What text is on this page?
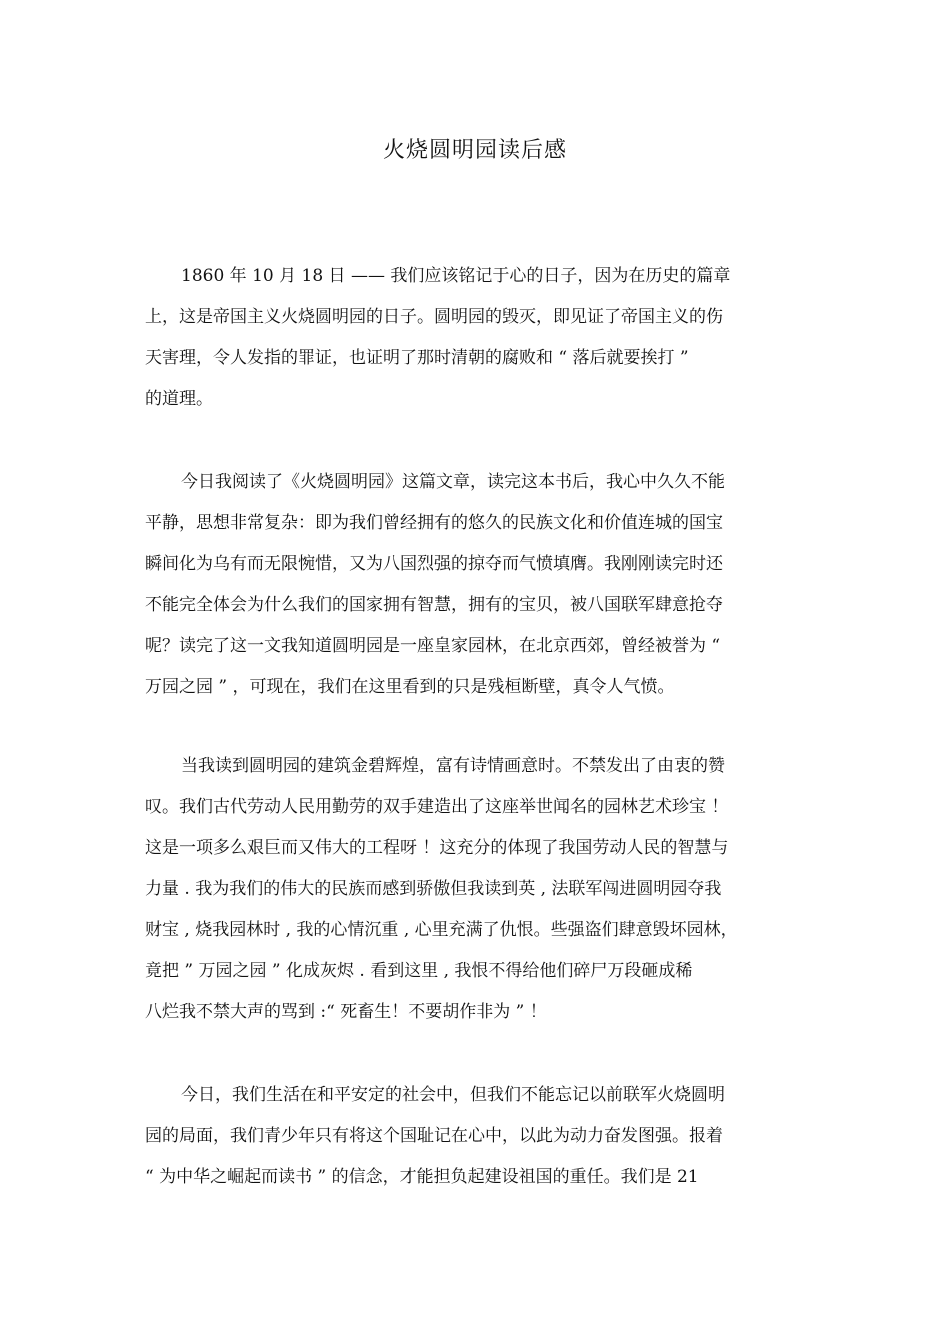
火烧圆明园读后感
1860 年 10 月 18 日 —— 我们应该铭记于心的日子，因为在历史的篇章
上，这是帝国主义火烧圆明园的日子。圆明园的毁灭，即见证了帝国主义的伤
天害理，令人发指的罪证，也证明了那时清朝的腐败和 “ 落后就要挨打 ”
的道理。
今日我阅读了《火烧圆明园》这篇文章，读完这本书后，我心中久久不能
平静，思想非常复杂：即为我们曾经拥有的悠久的民族文化和价值连城的国宝
瞬间化为乌有而无限惋惜，又为八国烈强的掠夺而气愤填膺。我刚刚读完时还
不能完全体会为什么我们的国家拥有智慧，拥有的宝贝，被八国联军肆意抢夺
呢？读完了这一文我知道圆明园是一座皇家园林，在北京西郊，曾经被誉为 “
万园之园 ” ，可现在，我们在这里看到的只是残桓断壁，真令人气愤。
当我读到圆明园的建筑金碧辉煌，富有诗情画意时。不禁发出了由衷的赞
叹。我们古代劳动人民用勤劳的双手建造出了这座举世闻名的园林艺术珍宝 ！
这是一项多么艰巨而又伟大的工程呀 ！这充分的体现了我国劳动人民的智慧与
力量 . 我为我们的伟大的民族而感到骄傲但我读到英 , 法联军闯进圆明园夺我
财宝 , 烧我园林时 , 我的心情沉重 , 心里充满了仇恨。些强盗们肆意毁坏园林，
竟把 ” 万园之园 ” 化成灰烬 . 看到这里 , 我恨不得给他们碎尸万段砸成稀
八烂我不禁大声的骂到 :“ 死畜生！不要胡作非为 ” ！
今日，我们生活在和平安定的社会中，但我们不能忘记以前联军火烧圆明
园的局面，我们青少年只有将这个国耻记在心中，以此为动力奋发图强。报着
“ 为中华之崛起而读书 ” 的信念，才能担负起建设祖国的重任。我们是 21
